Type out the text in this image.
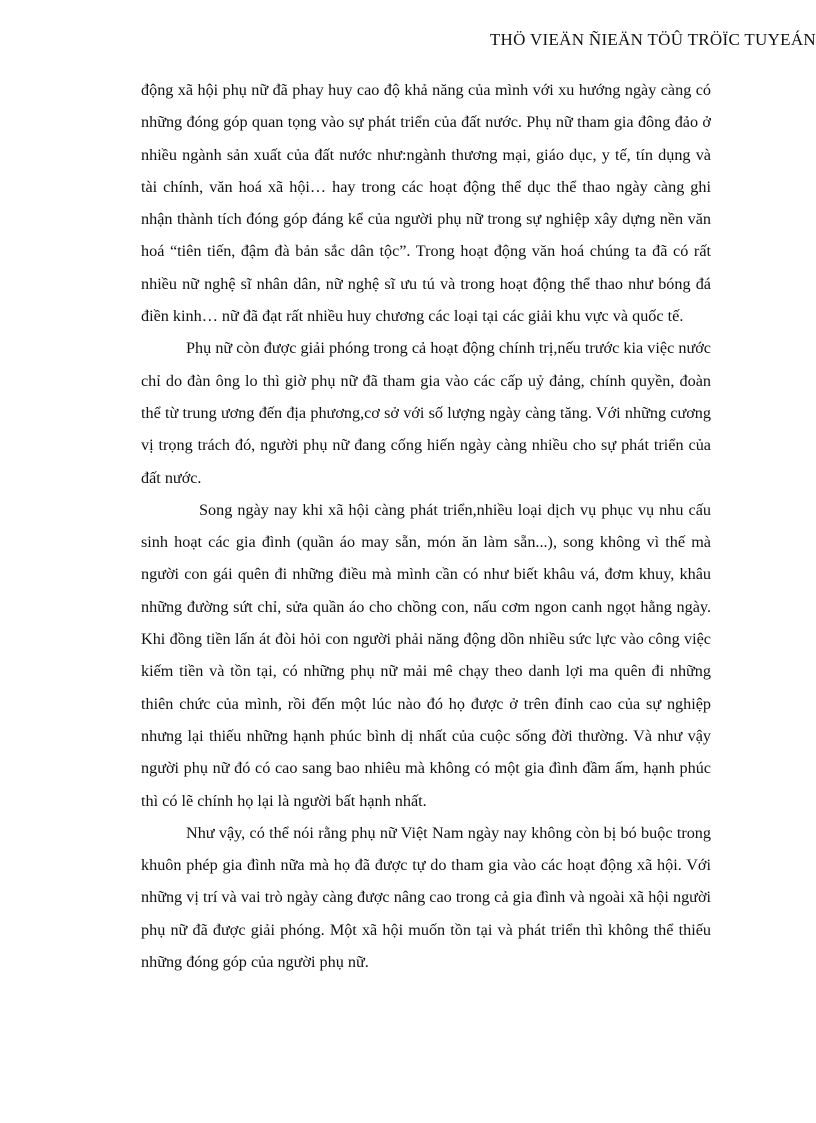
THÖ VIEÄN ÑIEÄN TÖÛ TRÖÏC TUYEÁN

động xã hội phụ nữ đã phay huy cao độ khả năng của mình với xu hướng ngày càng có những đóng góp quan tọng vào sự phát triển của đất nước. Phụ nữ tham gia đông đảo ở nhiều ngành sản xuất của đất nước như:ngành thương mại, giáo dục, y tế, tín dụng và tài chính, văn hoá xã hội… hay trong các hoạt động thể dục thể thao ngày càng ghi nhận thành tích đóng góp đáng kể của người phụ nữ trong sự nghiệp xây dựng nền văn hoá “tiên tiến, đậm đà bản sắc dân tộc”. Trong hoạt động văn hoá chúng ta đã có rất nhiều nữ nghệ sĩ nhân dân, nữ nghệ sĩ ưu tú và trong hoạt động thể thao như bóng đá điền kinh… nữ đã đạt rất nhiều huy chương các loại tại các giải khu vực và quốc tế.

Phụ nữ còn được giải phóng trong cả hoạt động chính trị,nếu trước kia việc nước chỉ do đàn ông lo thì giờ phụ nữ đã tham gia vào các cấp uỷ đảng, chính quyền, đoàn thể từ trung ương đến địa phương,cơ sở với số lượng ngày càng tăng. Với những cương vị trọng trách đó, người phụ nữ đang cống hiến ngày càng nhiều cho sự phát triển của đất nước.

Song ngày nay khi xã hội càng phát triển,nhiều loại dịch vụ phục vụ nhu cấu sinh hoạt các gia đình (quần áo may sẵn, món ăn làm sẵn...), song không vì thế mà người con gái quên đi những điều mà mình cần có như biết khâu vá, đơm khuy, khâu những đường sứt chỉ, sửa quần áo cho chồng con, nấu cơm ngon canh ngọt hằng ngày. Khi đồng tiền lấn át đòi hỏi con người phải năng động dồn nhiều sức lực vào công việc kiếm tiền và tồn tại, có những phụ nữ mải mê chạy theo danh lợi ma quên đi những thiên chức của mình, rồi đến một lúc nào đó họ được ở trên đỉnh cao của sự nghiệp nhưng lại thiếu những hạnh phúc bình dị nhất của cuộc sống đời thường. Và như vậy người phụ nữ đó có cao sang bao nhiêu mà không có một gia đình đầm ấm, hạnh phúc thì có lẽ chính họ lại là người bất hạnh nhất.

Như vậy, có thể nói rằng phụ nữ Việt Nam ngày nay không còn bị bó buộc trong khuôn phép gia đình nữa mà họ đã được tự do tham gia vào các hoạt động xã hội. Với những vị trí và vai trò ngày càng được nâng cao trong cả gia đình và ngoài xã hội người phụ nữ đã được giải phóng. Một xã hội muốn tồn tại và phát triển thì không thể thiếu những đóng góp của người phụ nữ.
